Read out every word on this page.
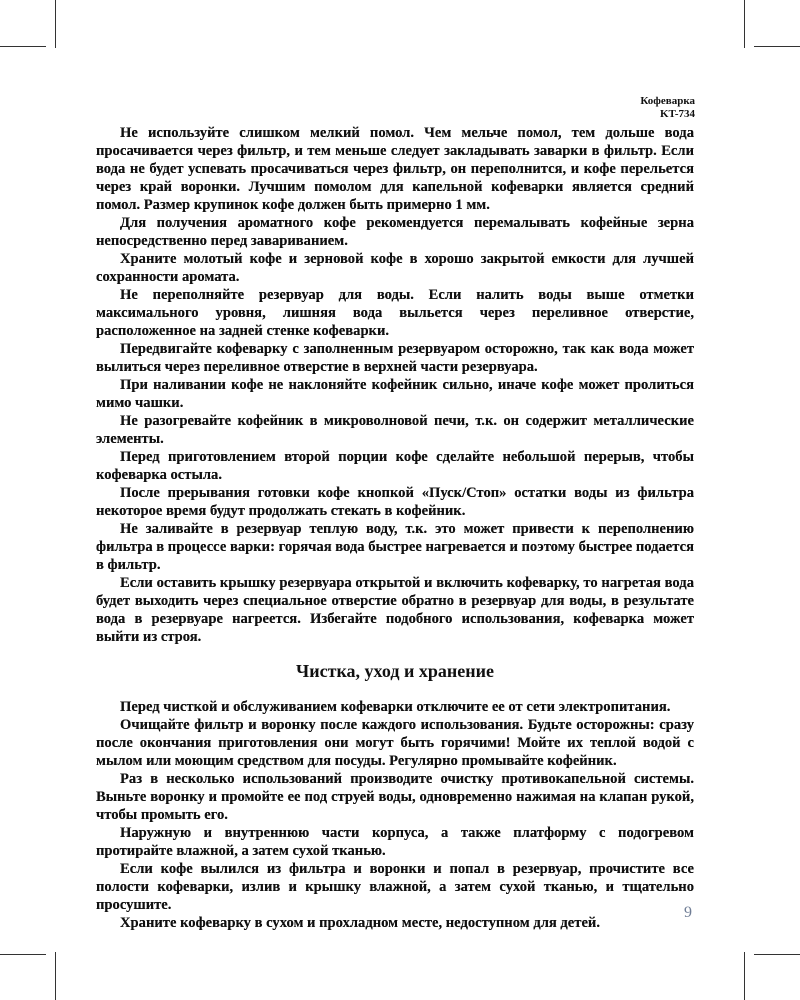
Кофеварка
KT-734

Не используйте слишком мелкий помол. Чем мельче помол, тем дольше вода просачивается через фильтр, и тем меньше следует закладывать заварки в фильтр. Если вода не будет успевать просачиваться через фильтр, он переполнится, и кофе перельется через край воронки. Лучшим помолом для капельной кофеварки является средний помол. Размер крупинок кофе должен быть примерно 1 мм.

Для получения ароматного кофе рекомендуется перемалывать кофейные зерна непосредственно перед завариванием.

Храните молотый кофе и зерновой кофе в хорошо закрытой емкости для лучшей сохранности аромата.

Не переполняйте резервуар для воды. Если налить воды выше отметки максимального уровня, лишняя вода выльется через переливное отверстие, расположенное на задней стенке кофеварки.

Передвигайте кофеварку с заполненным резервуаром осторожно, так как вода может вылиться через переливное отверстие в верхней части резервуара.

При наливании кофе не наклоняйте кофейник сильно, иначе кофе может пролиться мимо чашки.

Не разогревайте кофейник в микроволновой печи, т.к. он содержит металлические элементы.

Перед приготовлением второй порции кофе сделайте небольшой перерыв, чтобы кофеварка остыла.

После прерывания готовки кофе кнопкой «Пуск/Стоп» остатки воды из фильтра некоторое время будут продолжать стекать в кофейник.

Не заливайте в резервуар теплую воду, т.к. это может привести к переполнению фильтра в процессе варки: горячая вода быстрее нагревается и поэтому быстрее подается в фильтр.

Если оставить крышку резервуара открытой и включить кофеварку, то нагретая вода будет выходить через специальное отверстие обратно в резервуар для воды, в результате вода в резервуаре нагреется. Избегайте подобного использования, кофеварка может выйти из строя.

Чистка, уход и хранение

Перед чисткой и обслуживанием кофеварки отключите ее от сети электропитания.

Очищайте фильтр и воронку после каждого использования. Будьте осторожны: сразу после окончания приготовления они могут быть горячими! Мойте их теплой водой с мылом или моющим средством для посуды. Регулярно промывайте кофейник.

Раз в несколько использований производите очистку противокапельной системы. Выньте воронку и промойте ее под струей воды, одновременно нажимая на клапан рукой, чтобы промыть его.

Наружную и внутреннюю части корпуса, а также платформу с подогревом протирайте влажной, а затем сухой тканью.

Если кофе вылился из фильтра и воронки и попал в резервуар, прочистите все полости кофеварки, излив и крышку влажной, а затем сухой тканью, и тщательно просушите.

Храните кофеварку в сухом и прохладном месте, недоступном для детей.

9
